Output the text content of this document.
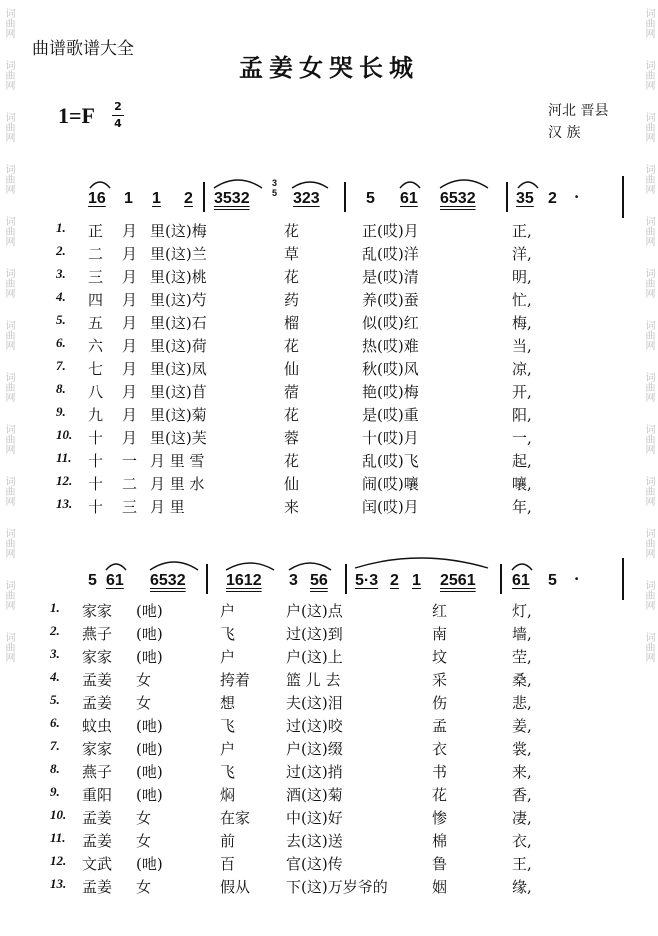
词曲网
词曲网
词曲网
词曲网
词曲网
词曲网
词曲网
词曲网
词曲网
词曲网
词曲网
词曲网
词曲网
词曲网
词曲网
词曲网
词曲网
词曲网
词曲网
词曲网
词曲网
词曲网
词曲网
词曲网
词曲网
词曲网
曲谱歌谱大全
孟姜女哭长城
1=F 2
4
河北 晋县
汉 族
16 1 1 2 3532
3 5 323	5 61 6532	35 2 ·
1. 正 月 里(这)梅	花	正(哎)月	正,
2. 二 月 里(这)兰	草	乱(哎)洋	洋,
3. 三 月 里(这)桃	花	是(哎)清	明,
4. 四 月 里(这)芍	药	养(哎)蚕	忙,
5. 五 月 里(这)石	榴	似(哎)红	梅,
6. 六 月 里(这)荷	花	热(哎)难	当,
7. 七 月 里(这)凤	仙	秋(哎)风	凉,
8. 八 月 里(这)苜	蓿	艳(哎)梅	开,
9. 九 月 里(这)菊	花	是(哎)重	阳,
10. 十 月 里(这)芙	蓉	十(哎)月	一,
11. 十 一 月 里 雪	花	乱(哎)飞	起,
12. 十 二 月 里 水	仙	闹(哎)嚷	嚷,
13. 十 三 月 里	来	闰(哎)月	年,
5 61 6532	1612 3 56 5·3 2 1 2561 61 5 ·
1. 家家 (吔)	户	户(这)点	红	灯,
2. 燕子 (吔)	飞	过(这)到	南	墙,
3. 家家 (吔)	户	户(这)上	坟	茔,
4. 孟姜 女	挎着 篮 儿 去	采	桑,
5. 孟姜 女	想	夫(这)泪	伤	悲,
6. 蚊虫 (吔)	飞	过(这)咬	孟	姜,
7. 家家 (吔)	户	户(这)缀	衣	裳,
8. 燕子 (吔)	飞	过(这)捎	书	来,
9. 重阳 (吔)	焖	酒(这)菊	花	香,
10. 孟姜 女	在家 中(这)好	惨	凄,
11. 孟姜 女	前	去(这)送	棉	衣,
12. 文武 (吔)	百	官(这)传	鲁	王,
13. 孟姜 女	假从 下(这)万岁爷的	姻	缘,
